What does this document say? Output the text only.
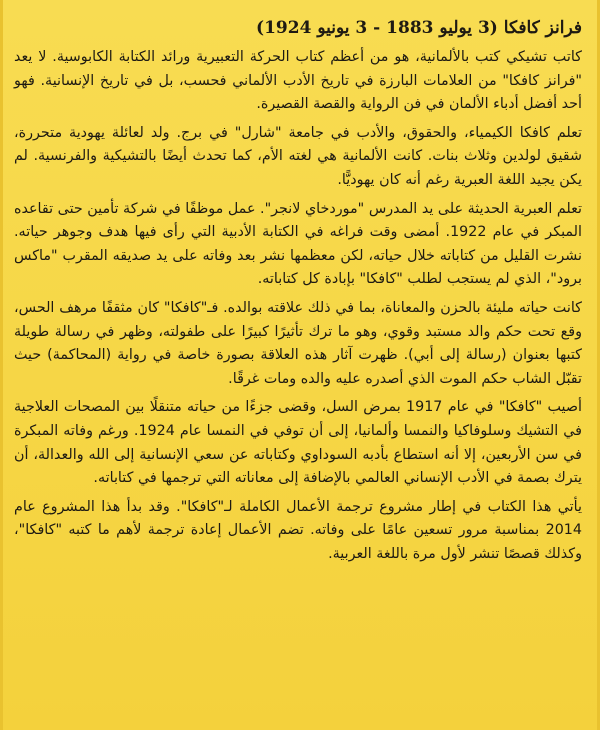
فرانز كافكا (3 يوليو 1883 - 3 يونيو 1924)

كاتب تشيكي كتب بالألمانية، هو من أعظم كتاب الحركة التعبيرية ورائد الكتابة الكابوسية. لا يعد "فرانز كافكا" من العلامات البارزة في تاريخ الأدب الألماني فحسب، بل في تاريخ الإنسانية. فهو أحد أفضل أدباء الألمان في فن الرواية والقصة القصيرة.

تعلم كافكا الكيمياء، والحقوق، والأدب في جامعة "شارل" في برج. ولد لعائلة يهودية متحررة، شقيق لولدين وثلاث بنات. كانت الألمانية هي لغته الأم، كما تحدث أيضًا بالتشيكية والفرنسية. لم يكن يجيد اللغة العبرية رغم أنه كان يهوديًّا.

تعلم العبرية الحديثة على يد المدرس "موردخاي لانجر". عمل موظفًا في شركة تأمين حتى تقاعده المبكر في عام 1922. أمضى وقت فراغه في الكتابة الأدبية التي رأى فيها هدف وجوهر حياته. نشرت القليل من كتاباته خلال حياته، لكن معظمها نشر بعد وفاته على يد صديقه المقرب "ماكس برود"، الذي لم يستجب لطلب "كافكا" بإبادة كل كتاباته.

كانت حياته مليئة بالحزن والمعاناة، بما في ذلك علاقته بوالده. فـ"كافكا" كان مثقفًا مرهف الحس، وقع تحت حكم والد مستبد وقوي، وهو ما ترك تأثيرًا كبيرًا على طفولته، وظهر في رسالة طويلة كتبها بعنوان (رسالة إلى أبي). ظهرت آثار هذه العلاقة بصورة خاصة في رواية (المحاكمة) حيث تقبّل الشاب حكم الموت الذي أصدره عليه والده ومات غرقًا.

أصيب "كافكا" في عام 1917 بمرض السل، وقضى جزءًا من حياته متنقلًا بين المصحات العلاجية في التشيك وسلوفاكيا والنمسا وألمانيا، إلى أن توفي في النمسا عام 1924. ورغم وفاته المبكرة في سن الأربعين، إلا أنه استطاع بأدبه السوداوي وكتاباته عن سعي الإنسانية إلى الله والعدالة، أن يترك بصمة في الأدب الإنساني العالمي بالإضافة إلى معاناته التي ترجمها في كتاباته.

يأتي هذا الكتاب في إطار مشروع ترجمة الأعمال الكاملة لـ"كافكا". وقد بدأ هذا المشروع عام 2014 بمناسبة مرور تسعين عامًا على وفاته. تضم الأعمال إعادة ترجمة لأهم ما كتبه "كافكا"، وكذلك قصصًا تنشر لأول مرة باللغة العربية.
